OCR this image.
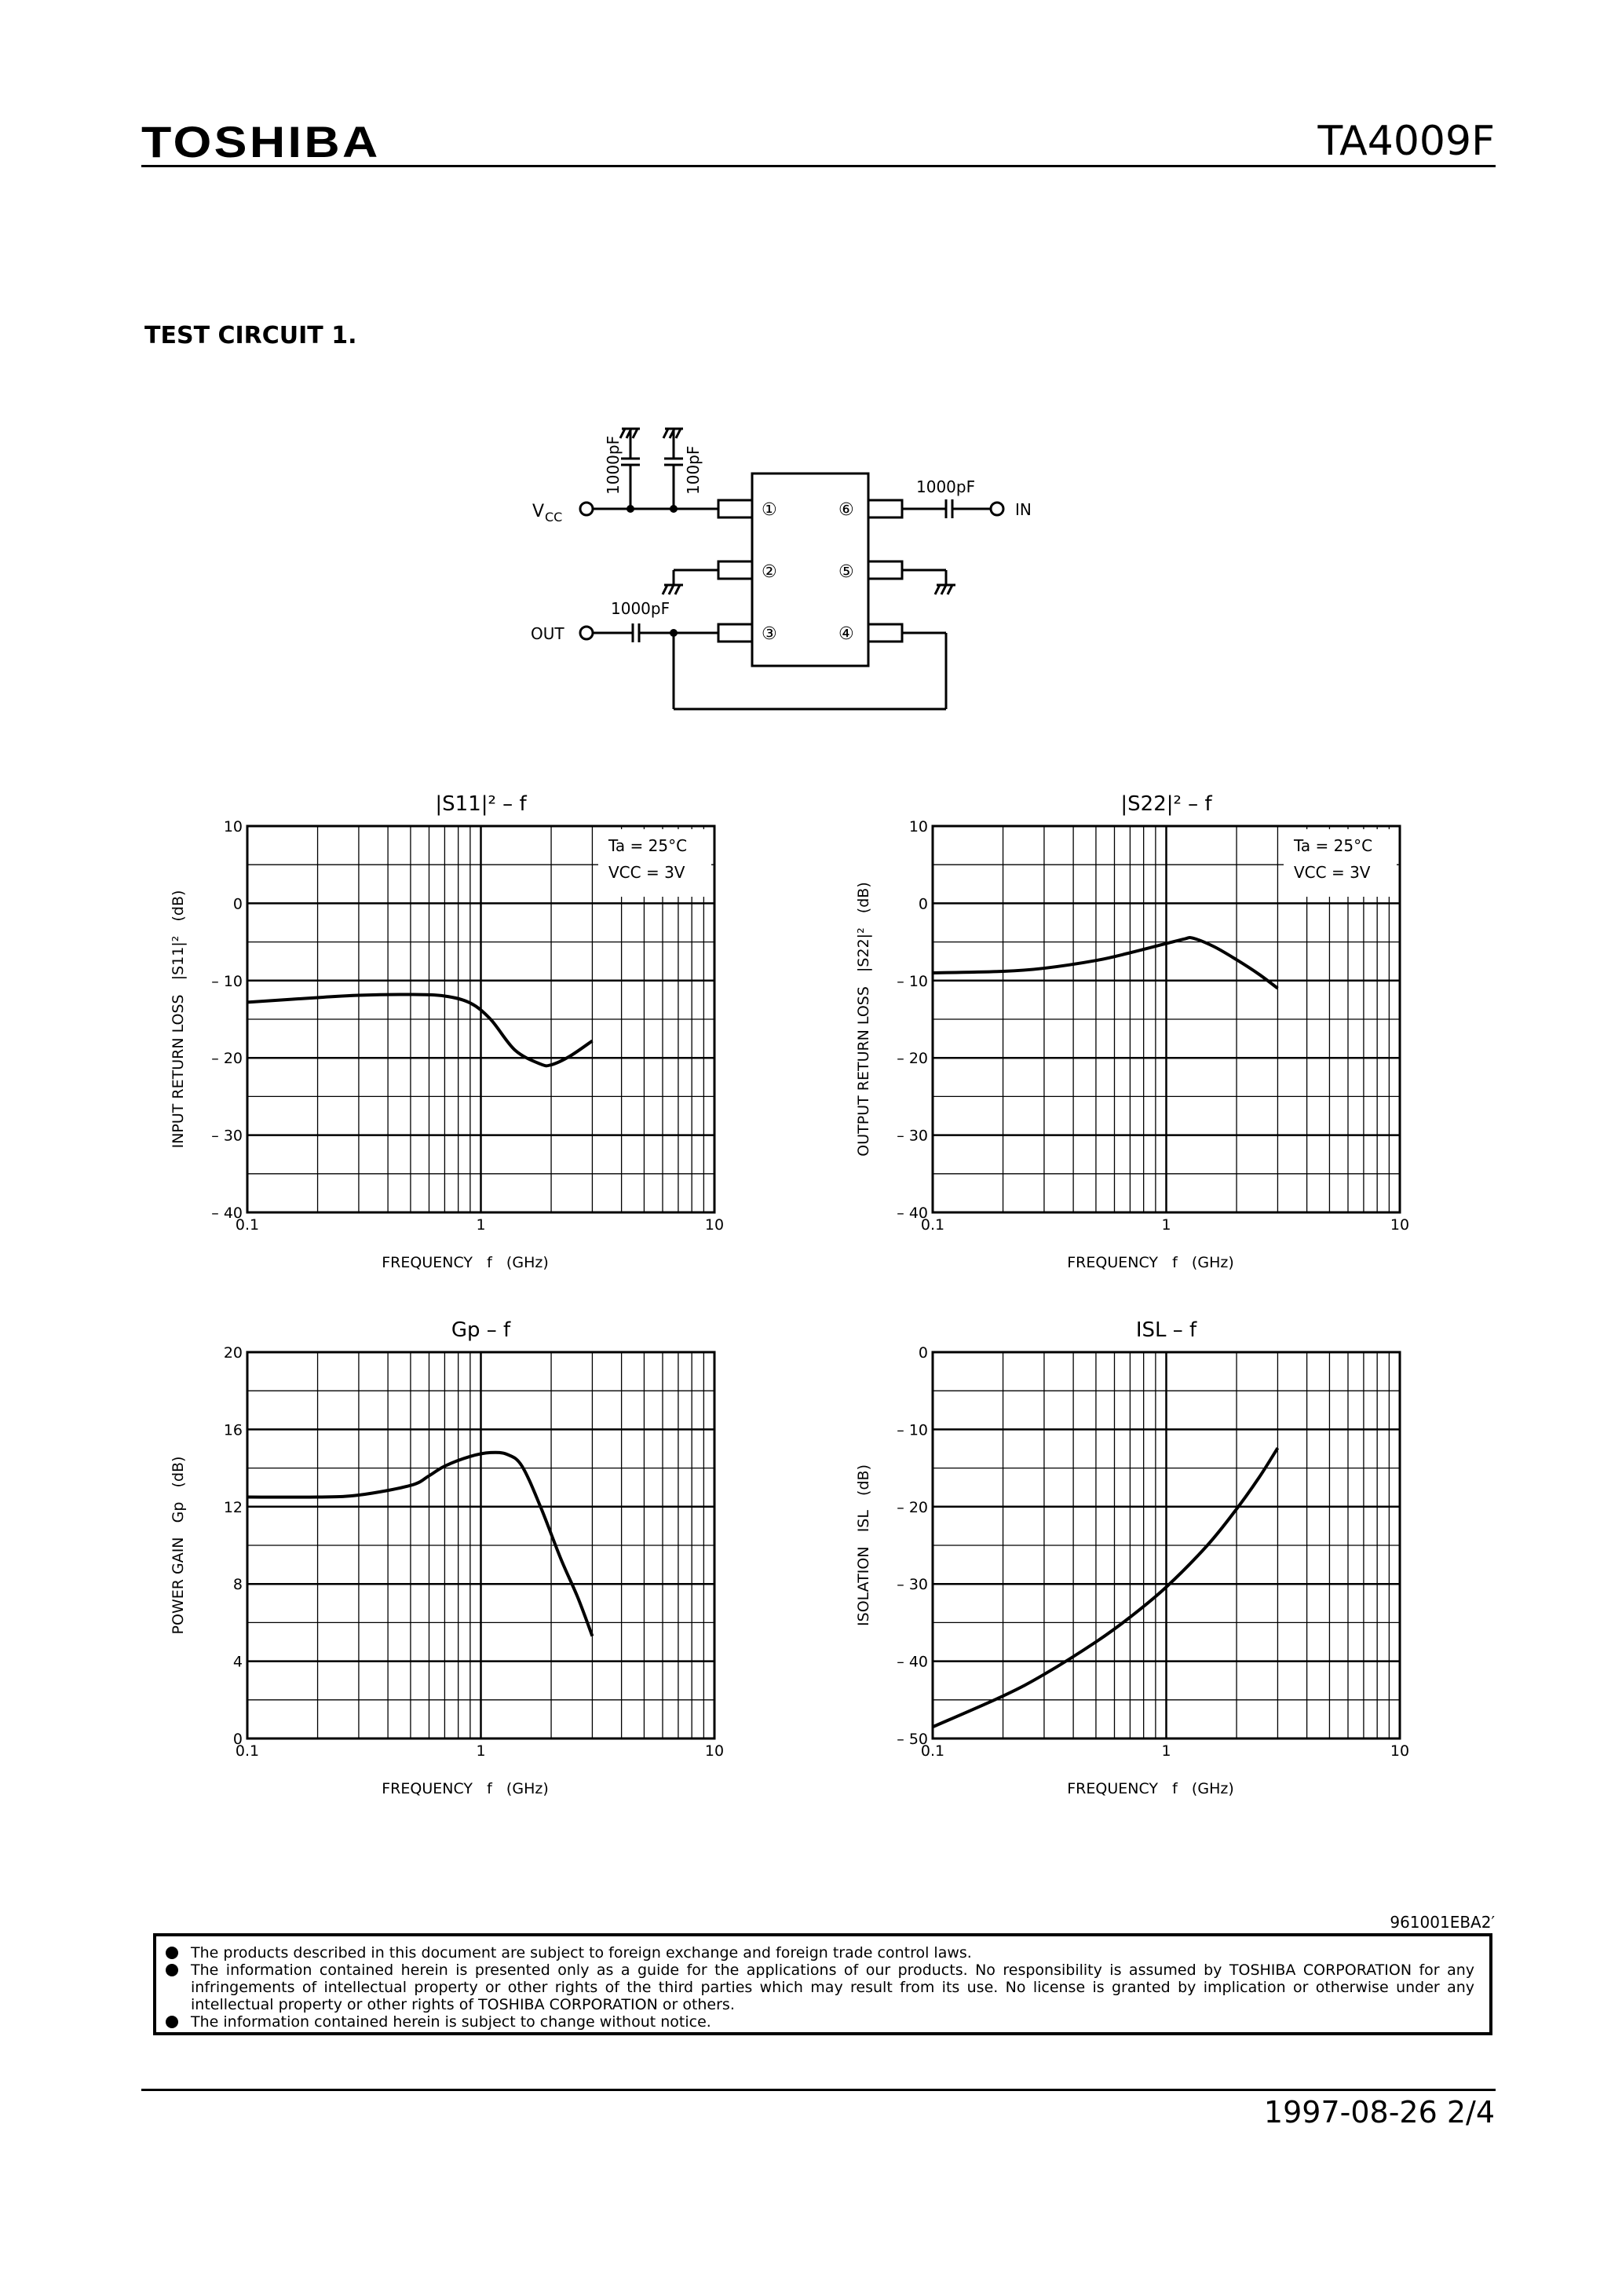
TOSHIBA	TA4009F
TEST CIRCUIT 1.
V CC
OUT
IN
1000pF
1000pF
1000pF	100pF
①
②
③
⑥
⑤
④
|S11|² – f
10
0
– 10
– 20
– 30
– 40
0.1	1	10
FREQUENCY   f   (GHz)
INPUT RETURN LOSS   |S11|²   (dB)
Ta = 25°C
VCC = 3V
|S22|² – f
10
0
– 10
– 20
– 30
– 40
0.1	1	10
FREQUENCY   f   (GHz)
OUTPUT RETURN LOSS   |S22|²   (dB)
Ta = 25°C
VCC = 3V
Gp – f
20
16
12
8
4
0
0.1	1	10
FREQUENCY   f   (GHz)
POWER GAIN   Gp   (dB)
ISL – f
0
– 10
– 20
– 30
– 40
– 50
0.1	1	10
FREQUENCY   f   (GHz)
ISOLATION   ISL   (dB)
961001EBA2′
The products described in this document are subject to foreign exchange and foreign trade control laws.
The information contained herein is presented only as a guide for the applications of our products. No responsibility is assumed by TOSHIBA CORPORATION for any infringements of intellectual property or other rights of the third parties which may result from its use. No license is granted by implication or otherwise under any intellectual property or other rights of TOSHIBA CORPORATION or others.
The information contained herein is subject to change without notice.
1997-08-26 2/4
